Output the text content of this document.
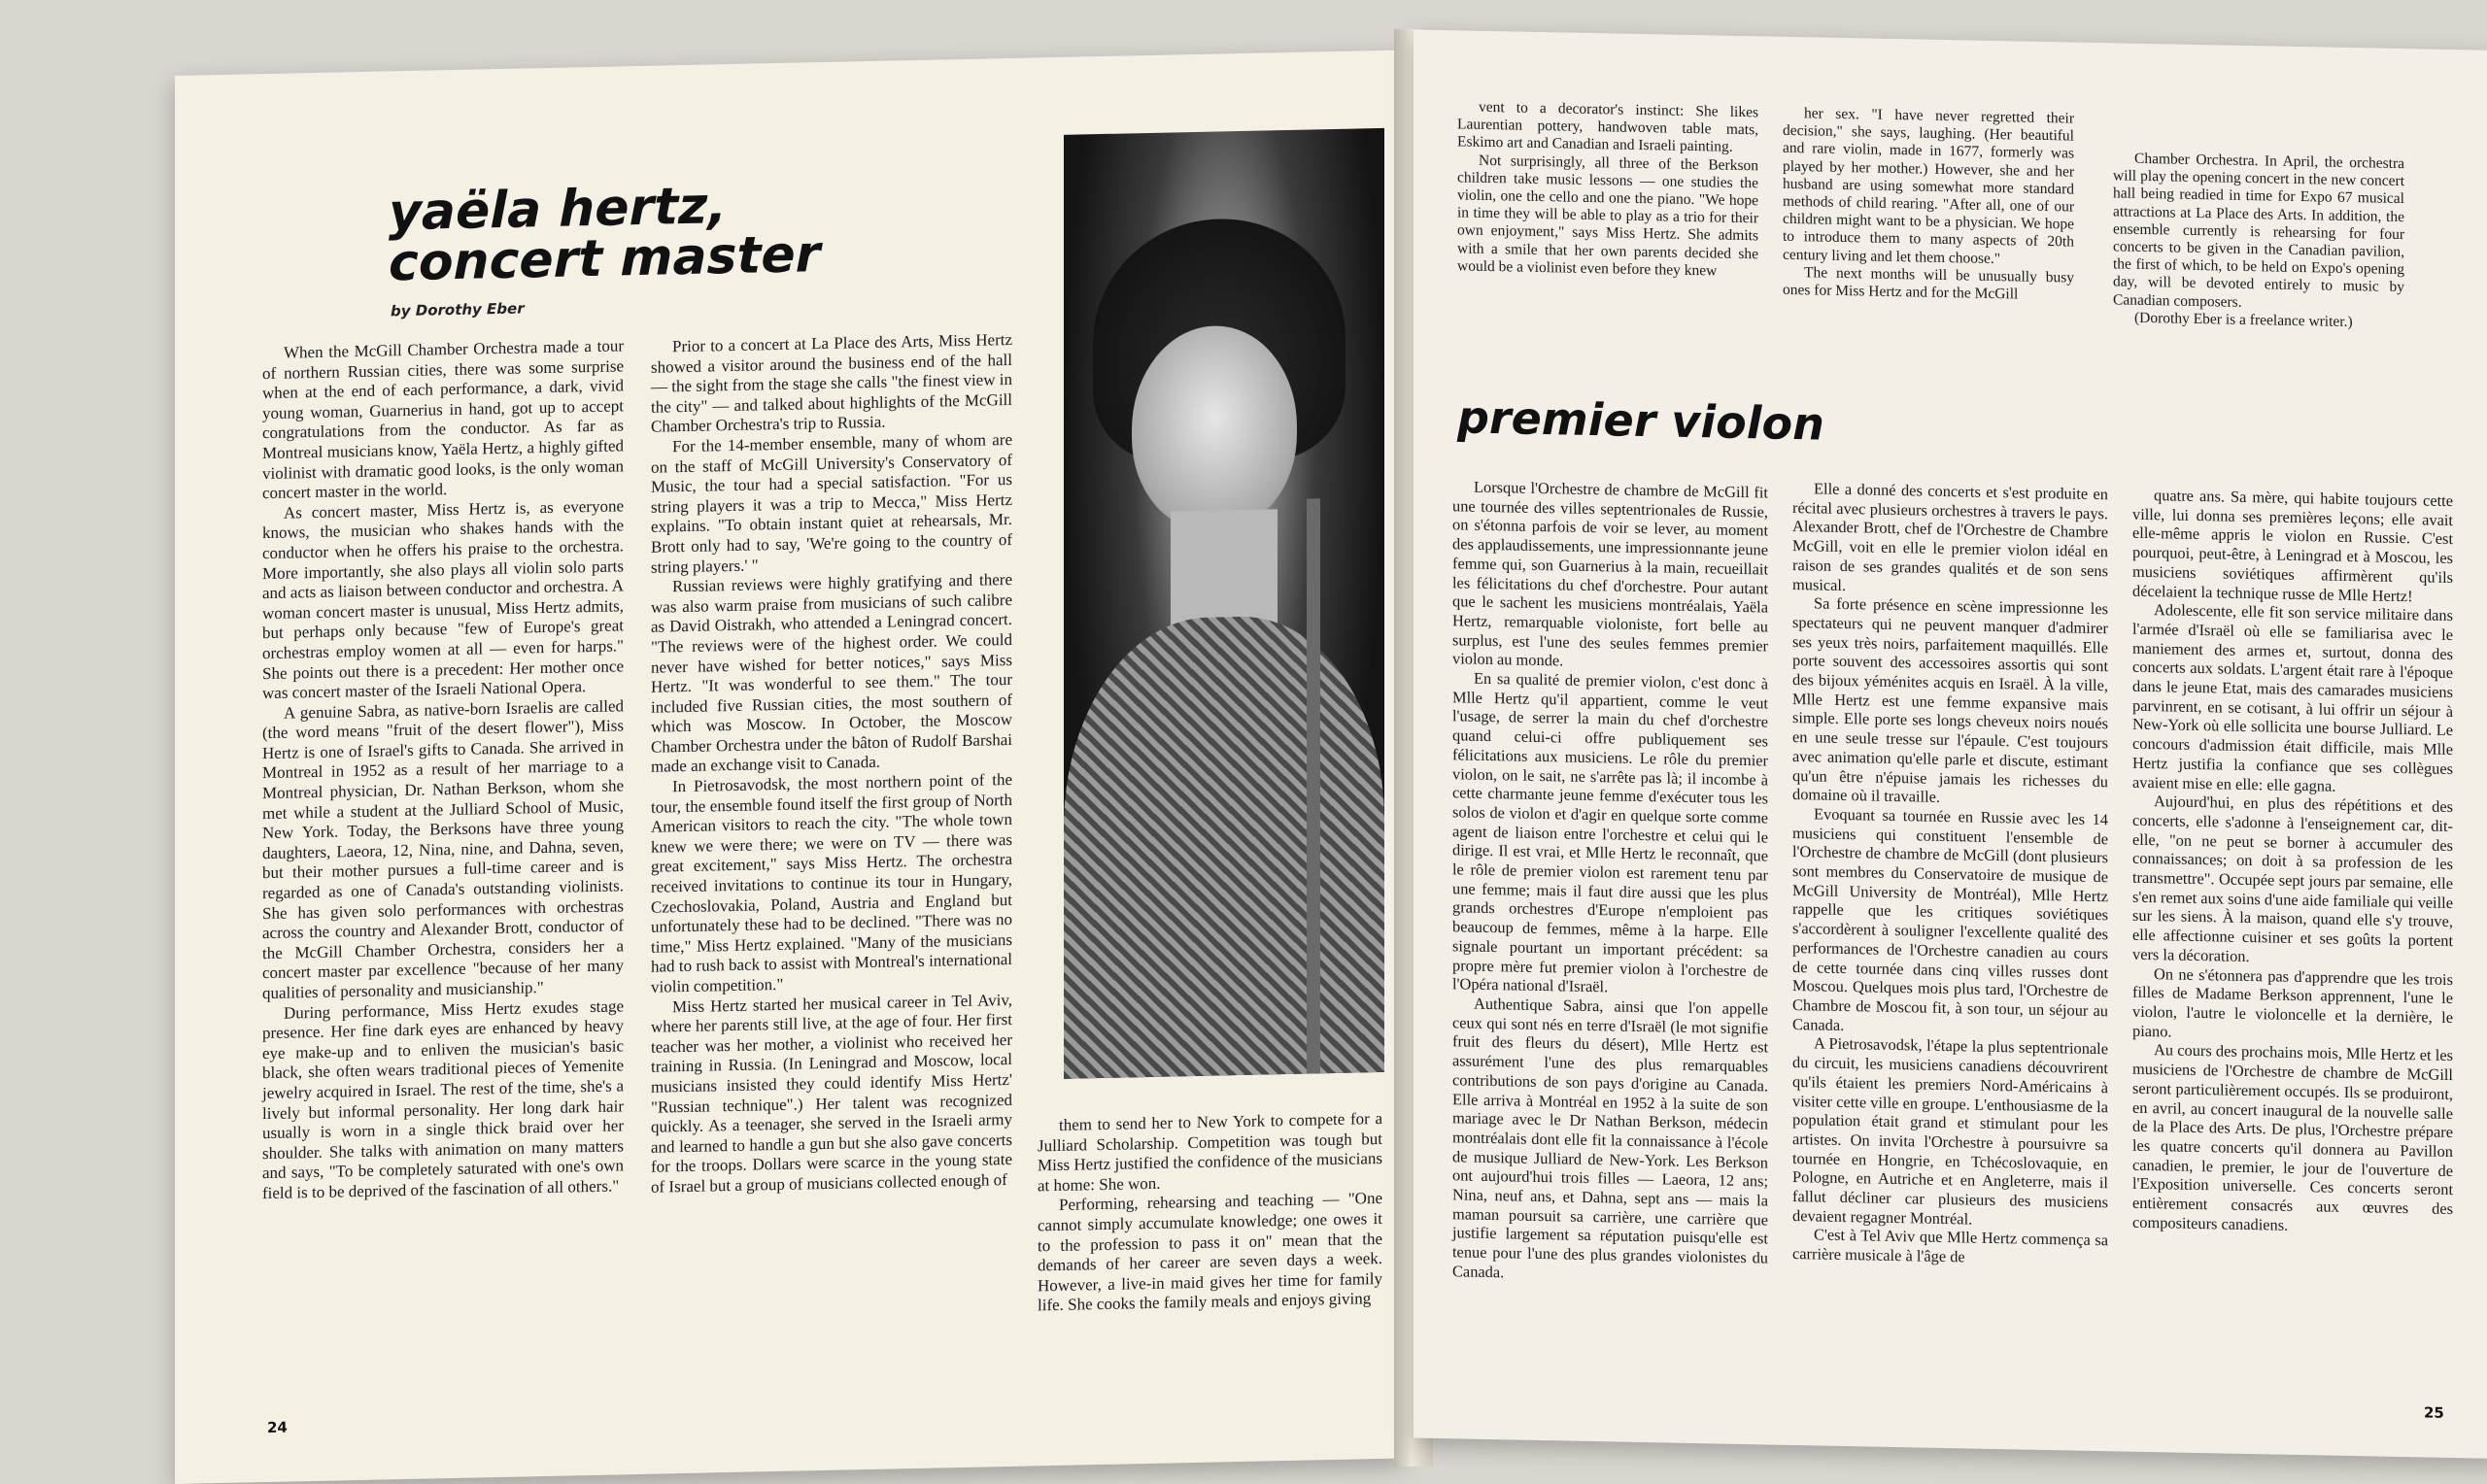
yaëla hertz,
concert master
by Dorothy Eber

When the McGill Chamber Orchestra made a tour of northern Russian cities, there was some surprise when at the end of each performance, a dark, vivid young woman, Guarnerius in hand, got up to accept congratulations from the conductor. As far as Montreal musicians know, Yaëla Hertz, a highly gifted violinist with dramatic good looks, is the only woman concert master in the world.

As concert master, Miss Hertz is, as everyone knows, the musician who shakes hands with the conductor when he offers his praise to the orchestra. More importantly, she also plays all violin solo parts and acts as liaison between conductor and orchestra. A woman concert master is unusual, Miss Hertz admits, but perhaps only because "few of Europe's great orchestras employ women at all — even for harps." She points out there is a precedent: Her mother once was concert master of the Israeli National Opera.

A genuine Sabra, as native-born Israelis are called (the word means "fruit of the desert flower"), Miss Hertz is one of Israel's gifts to Canada. She arrived in Montreal in 1952 as a result of her marriage to a Montreal physician, Dr. Nathan Berkson, whom she met while a student at the Julliard School of Music, New York. Today, the Berksons have three young daughters, Laeora, 12, Nina, nine, and Dahna, seven, but their mother pursues a full-time career and is regarded as one of Canada's outstanding violinists. She has given solo performances with orchestras across the country and Alexander Brott, conductor of the McGill Chamber Orchestra, considers her a concert master par excellence "because of her many qualities of personality and musicianship."

During performance, Miss Hertz exudes stage presence. Her fine dark eyes are enhanced by heavy eye make-up and to enliven the musician's basic black, she often wears traditional pieces of Yemenite jewelry acquired in Israel. The rest of the time, she's a lively but informal personality. Her long dark hair usually is worn in a single thick braid over her shoulder. She talks with animation on many matters and says, "To be completely saturated with one's own field is to be deprived of the fascination of all others."

Prior to a concert at La Place des Arts, Miss Hertz showed a visitor around the business end of the hall — the sight from the stage she calls "the finest view in the city" — and talked about highlights of the McGill Chamber Orchestra's trip to Russia.

For the 14-member ensemble, many of whom are on the staff of McGill University's Conservatory of Music, the tour had a special satisfaction. "For us string players it was a trip to Mecca," Miss Hertz explains. "To obtain instant quiet at rehearsals, Mr. Brott only had to say, 'We're going to the country of string players.' "

Russian reviews were highly gratifying and there was also warm praise from musicians of such calibre as David Oistrakh, who attended a Leningrad concert. "The reviews were of the highest order. We could never have wished for better notices," says Miss Hertz. "It was wonderful to see them." The tour included five Russian cities, the most southern of which was Moscow. In October, the Moscow Chamber Orchestra under the bâton of Rudolf Barshai made an exchange visit to Canada.

In Pietrosavodsk, the most northern point of the tour, the ensemble found itself the first group of North American visitors to reach the city. "The whole town knew we were there; we were on TV — there was great excitement," says Miss Hertz. The orchestra received invitations to continue its tour in Hungary, Czechoslovakia, Poland, Austria and England but unfortunately these had to be declined. "There was no time," Miss Hertz explained. "Many of the musicians had to rush back to assist with Montreal's international violin competition."

Miss Hertz started her musical career in Tel Aviv, where her parents still live, at the age of four. Her first teacher was her mother, a violinist who received her training in Russia. (In Leningrad and Moscow, local musicians insisted they could identify Miss Hertz' "Russian technique".) Her talent was recognized quickly. As a teenager, she served in the Israeli army and learned to handle a gun but she also gave concerts for the troops. Dollars were scarce in the young state of Israel but a group of musicians collected enough of

them to send her to New York to compete for a Julliard Scholarship. Competition was tough but Miss Hertz justified the confidence of the musicians at home: She won.

Performing, rehearsing and teaching — "One cannot simply accumulate knowledge; one owes it to the profession to pass it on" mean that the demands of her career are seven days a week. However, a live-in maid gives her time for family life. She cooks the family meals and enjoys giving

24

vent to a decorator's instinct: She likes Laurentian pottery, handwoven table mats, Eskimo art and Canadian and Israeli painting.

Not surprisingly, all three of the Berkson children take music lessons — one studies the violin, one the cello and one the piano. "We hope in time they will be able to play as a trio for their own enjoyment," says Miss Hertz. She admits with a smile that her own parents decided she would be a violinist even before they knew

her sex. "I have never regretted their decision," she says, laughing. (Her beautiful and rare violin, made in 1677, formerly was played by her mother.) However, she and her husband are using somewhat more standard methods of child rearing. "After all, one of our children might want to be a physician. We hope to introduce them to many aspects of 20th century living and let them choose."

The next months will be unusually busy ones for Miss Hertz and for the McGill

Chamber Orchestra. In April, the orchestra will play the opening concert in the new concert hall being readied in time for Expo 67 musical attractions at La Place des Arts. In addition, the ensemble currently is rehearsing for four concerts to be given in the Canadian pavilion, the first of which, to be held on Expo's opening day, will be devoted entirely to music by Canadian composers.

(Dorothy Eber is a freelance writer.)

premier violon

Lorsque l'Orchestre de chambre de McGill fit une tournée des villes septentrionales de Russie, on s'étonna parfois de voir se lever, au moment des applaudissements, une impressionnante jeune femme qui, son Guarnerius à la main, recueillait les félicitations du chef d'orchestre. Pour autant que le sachent les musiciens montréalais, Yaëla Hertz, remarquable violoniste, fort belle au surplus, est l'une des seules femmes premier violon au monde.

En sa qualité de premier violon, c'est donc à Mlle Hertz qu'il appartient, comme le veut l'usage, de serrer la main du chef d'orchestre quand celui-ci offre publiquement ses félicitations aux musiciens. Le rôle du premier violon, on le sait, ne s'arrête pas là; il incombe à cette charmante jeune femme d'exécuter tous les solos de violon et d'agir en quelque sorte comme agent de liaison entre l'orchestre et celui qui le dirige. Il est vrai, et Mlle Hertz le reconnaît, que le rôle de premier violon est rarement tenu par une femme; mais il faut dire aussi que les plus grands orchestres d'Europe n'emploient pas beaucoup de femmes, même à la harpe. Elle signale pourtant un important précédent: sa propre mère fut premier violon à l'orchestre de l'Opéra national d'Israël.

Authentique Sabra, ainsi que l'on appelle ceux qui sont nés en terre d'Israël (le mot signifie fruit des fleurs du désert), Mlle Hertz est assurément l'une des plus remarquables contributions de son pays d'origine au Canada. Elle arriva à Montréal en 1952 à la suite de son mariage avec le Dr Nathan Berkson, médecin montréalais dont elle fit la connaissance à l'école de musique Julliard de New-York. Les Berkson ont aujourd'hui trois filles — Laeora, 12 ans; Nina, neuf ans, et Dahna, sept ans — mais la maman poursuit sa carrière, une carrière que justifie largement sa réputation puisqu'elle est tenue pour l'une des plus grandes violonistes du Canada.

Elle a donné des concerts et s'est produite en récital avec plusieurs orchestres à travers le pays. Alexander Brott, chef de l'Orchestre de Chambre McGill, voit en elle le premier violon idéal en raison de ses grandes qualités et de son sens musical.

Sa forte présence en scène impressionne les spectateurs qui ne peuvent manquer d'admirer ses yeux très noirs, parfaitement maquillés. Elle porte souvent des accessoires assortis qui sont des bijoux yéménites acquis en Israël. À la ville, Mlle Hertz est une femme expansive mais simple. Elle porte ses longs cheveux noirs noués en une seule tresse sur l'épaule. C'est toujours avec animation qu'elle parle et discute, estimant qu'un être n'épuise jamais les richesses du domaine où il travaille.

Evoquant sa tournée en Russie avec les 14 musiciens qui constituent l'ensemble de l'Orchestre de chambre de McGill (dont plusieurs sont membres du Conservatoire de musique de McGill University de Montréal), Mlle Hertz rappelle que les critiques soviétiques s'accordèrent à souligner l'excellente qualité des performances de l'Orchestre canadien au cours de cette tournée dans cinq villes russes dont Moscou. Quelques mois plus tard, l'Orchestre de Chambre de Moscou fit, à son tour, un séjour au Canada.

A Pietrosavodsk, l'étape la plus septentrionale du circuit, les musiciens canadiens découvrirent qu'ils étaient les premiers Nord-Américains à visiter cette ville en groupe. L'enthousiasme de la population était grand et stimulant pour les artistes. On invita l'Orchestre à poursuivre sa tournée en Hongrie, en Tchécoslovaquie, en Pologne, en Autriche et en Angleterre, mais il fallut décliner car plusieurs des musiciens devaient regagner Montréal.

C'est à Tel Aviv que Mlle Hertz commença sa carrière musicale à l'âge de

quatre ans. Sa mère, qui habite toujours cette ville, lui donna ses premières leçons; elle avait elle-même appris le violon en Russie. C'est pourquoi, peut-être, à Leningrad et à Moscou, les musiciens soviétiques affirmèrent qu'ils décelaient la technique russe de Mlle Hertz!

Adolescente, elle fit son service militaire dans l'armée d'Israël où elle se familiarisa avec le maniement des armes et, surtout, donna des concerts aux soldats. L'argent était rare à l'époque dans le jeune Etat, mais des camarades musiciens parvinrent, en se cotisant, à lui offrir un séjour à New-York où elle sollicita une bourse Julliard. Le concours d'admission était difficile, mais Mlle Hertz justifia la confiance que ses collègues avaient mise en elle: elle gagna.

Aujourd'hui, en plus des répétitions et des concerts, elle s'adonne à l'enseignement car, dit-elle, "on ne peut se borner à accumuler des connaissances; on doit à sa profession de les transmettre". Occupée sept jours par semaine, elle s'en remet aux soins d'une aide familiale qui veille sur les siens. À la maison, quand elle s'y trouve, elle affectionne cuisiner et ses goûts la portent vers la décoration.

On ne s'étonnera pas d'apprendre que les trois filles de Madame Berkson apprennent, l'une le violon, l'autre le violoncelle et la dernière, le piano.

Au cours des prochains mois, Mlle Hertz et les musiciens de l'Orchestre de chambre de McGill seront particulièrement occupés. Ils se produiront, en avril, au concert inaugural de la nouvelle salle de la Place des Arts. De plus, l'Orchestre prépare les quatre concerts qu'il donnera au Pavillon canadien, le premier, le jour de l'ouverture de l'Exposition universelle. Ces concerts seront entièrement consacrés aux œuvres des compositeurs canadiens.

25
